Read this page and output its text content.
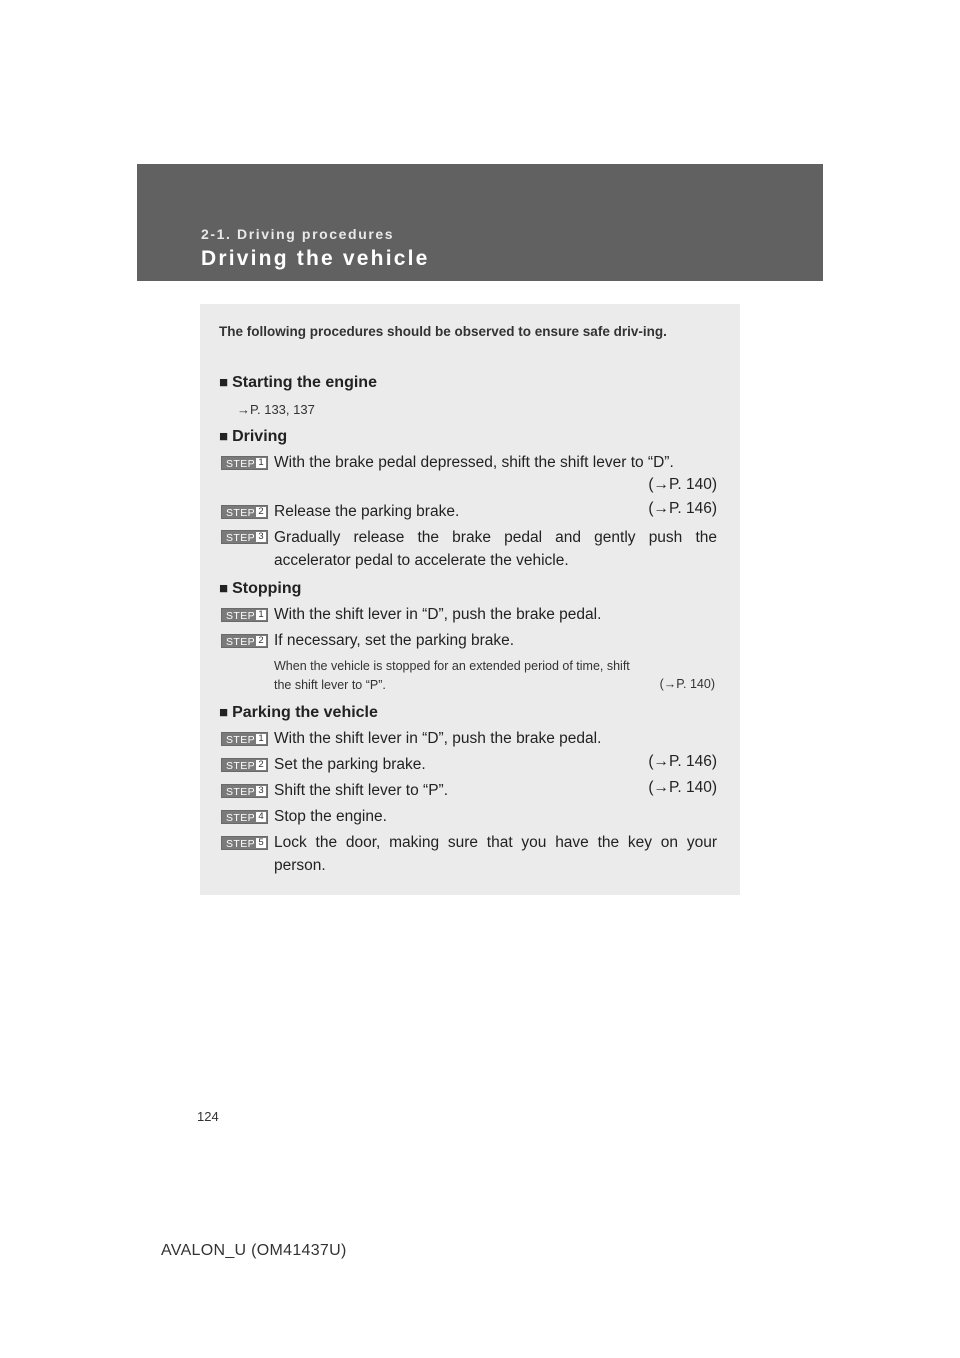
2-1. Driving procedures
Driving the vehicle
The following procedures should be observed to ensure safe driv-ing.
■ Starting the engine
→P. 133, 137
■ Driving
STEP 1 With the brake pedal depressed, shift the shift lever to “D”.
(→P. 140)
STEP 2 Release the parking brake.	(→P. 146)
STEP 3 Gradually release the brake pedal and gently push the accelerator pedal to accelerate the vehicle.
■ Stopping
STEP 1 With the shift lever in “D”, push the brake pedal.
STEP 2 If necessary, set the parking brake.
When the vehicle is stopped for an extended period of time, shift
the shift lever to “P”.	(→P. 140)
■ Parking the vehicle
STEP 1 With the shift lever in “D”, push the brake pedal.
STEP 2 Set the parking brake.	(→P. 146)
STEP 3 Shift the shift lever to “P”.	(→P. 140)
STEP 4 Stop the engine.
STEP 5 Lock the door, making sure that you have the key on your person.
124
AVALON_U (OM41437U)
